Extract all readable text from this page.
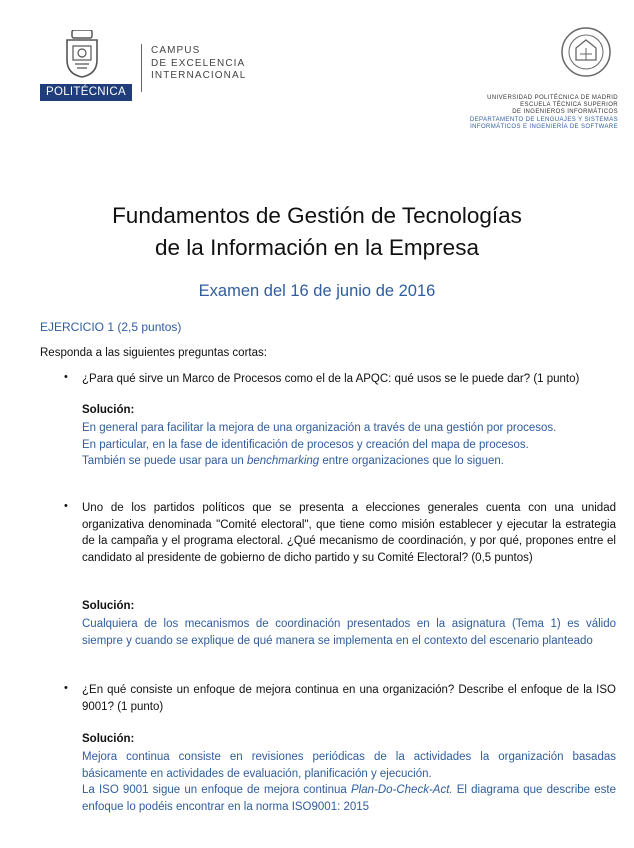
POLITÉCNICA
CAMPUS
DE EXCELENCIA
INTERNACIONAL
UNIVERSIDAD POLITÉCNICA DE MADRID
ESCUELA TÉCNICA SUPERIOR
DE INGENIEROS INFORMÁTICOS
DEPARTAMENTO DE LENGUAJES Y SISTEMAS
INFORMÁTICOS E INGENIERÍA DE SOFTWARE
Fundamentos de Gestión de Tecnologías
de la Información en la Empresa
Examen del 16 de junio de 2016
EJERCICIO 1 (2,5 puntos)
Responda a las siguientes preguntas cortas:
•
¿Para qué sirve un Marco de Procesos como el de la APQC: qué usos se le puede dar? (1 punto)
Solución:

En general para facilitar la mejora de una organización a través de una gestión por procesos.

En particular, en la fase de identificación de procesos y creación del mapa de procesos.

También se puede usar para un benchmarking entre organizaciones que lo siguen.

•
Uno de los partidos políticos que se presenta a elecciones generales cuenta con una unidad organizativa denominada "Comité electoral", que tiene como misión establecer y ejecutar la estrategia de la campaña y el programa electoral. ¿Qué mecanismo de coordinación, y por qué, propones entre el candidato al presidente de gobierno de dicho partido y su Comité Electoral? (0,5 puntos)
Solución:

Cualquiera de los mecanismos de coordinación presentados en la asignatura (Tema 1) es válido siempre y cuando se explique de qué manera se implementa en el contexto del escenario planteado

•
¿En qué consiste un enfoque de mejora continua en una organización? Describe el enfoque de la ISO 9001? (1 punto)
Solución:

Mejora continua consiste en revisiones periódicas de la actividades la organización basadas básicamente en actividades de evaluación, planificación y ejecución.

La ISO 9001 sigue un enfoque de mejora continua Plan-Do-Check-Act. El diagrama que describe este enfoque lo podéis encontrar en la norma ISO9001: 2015
